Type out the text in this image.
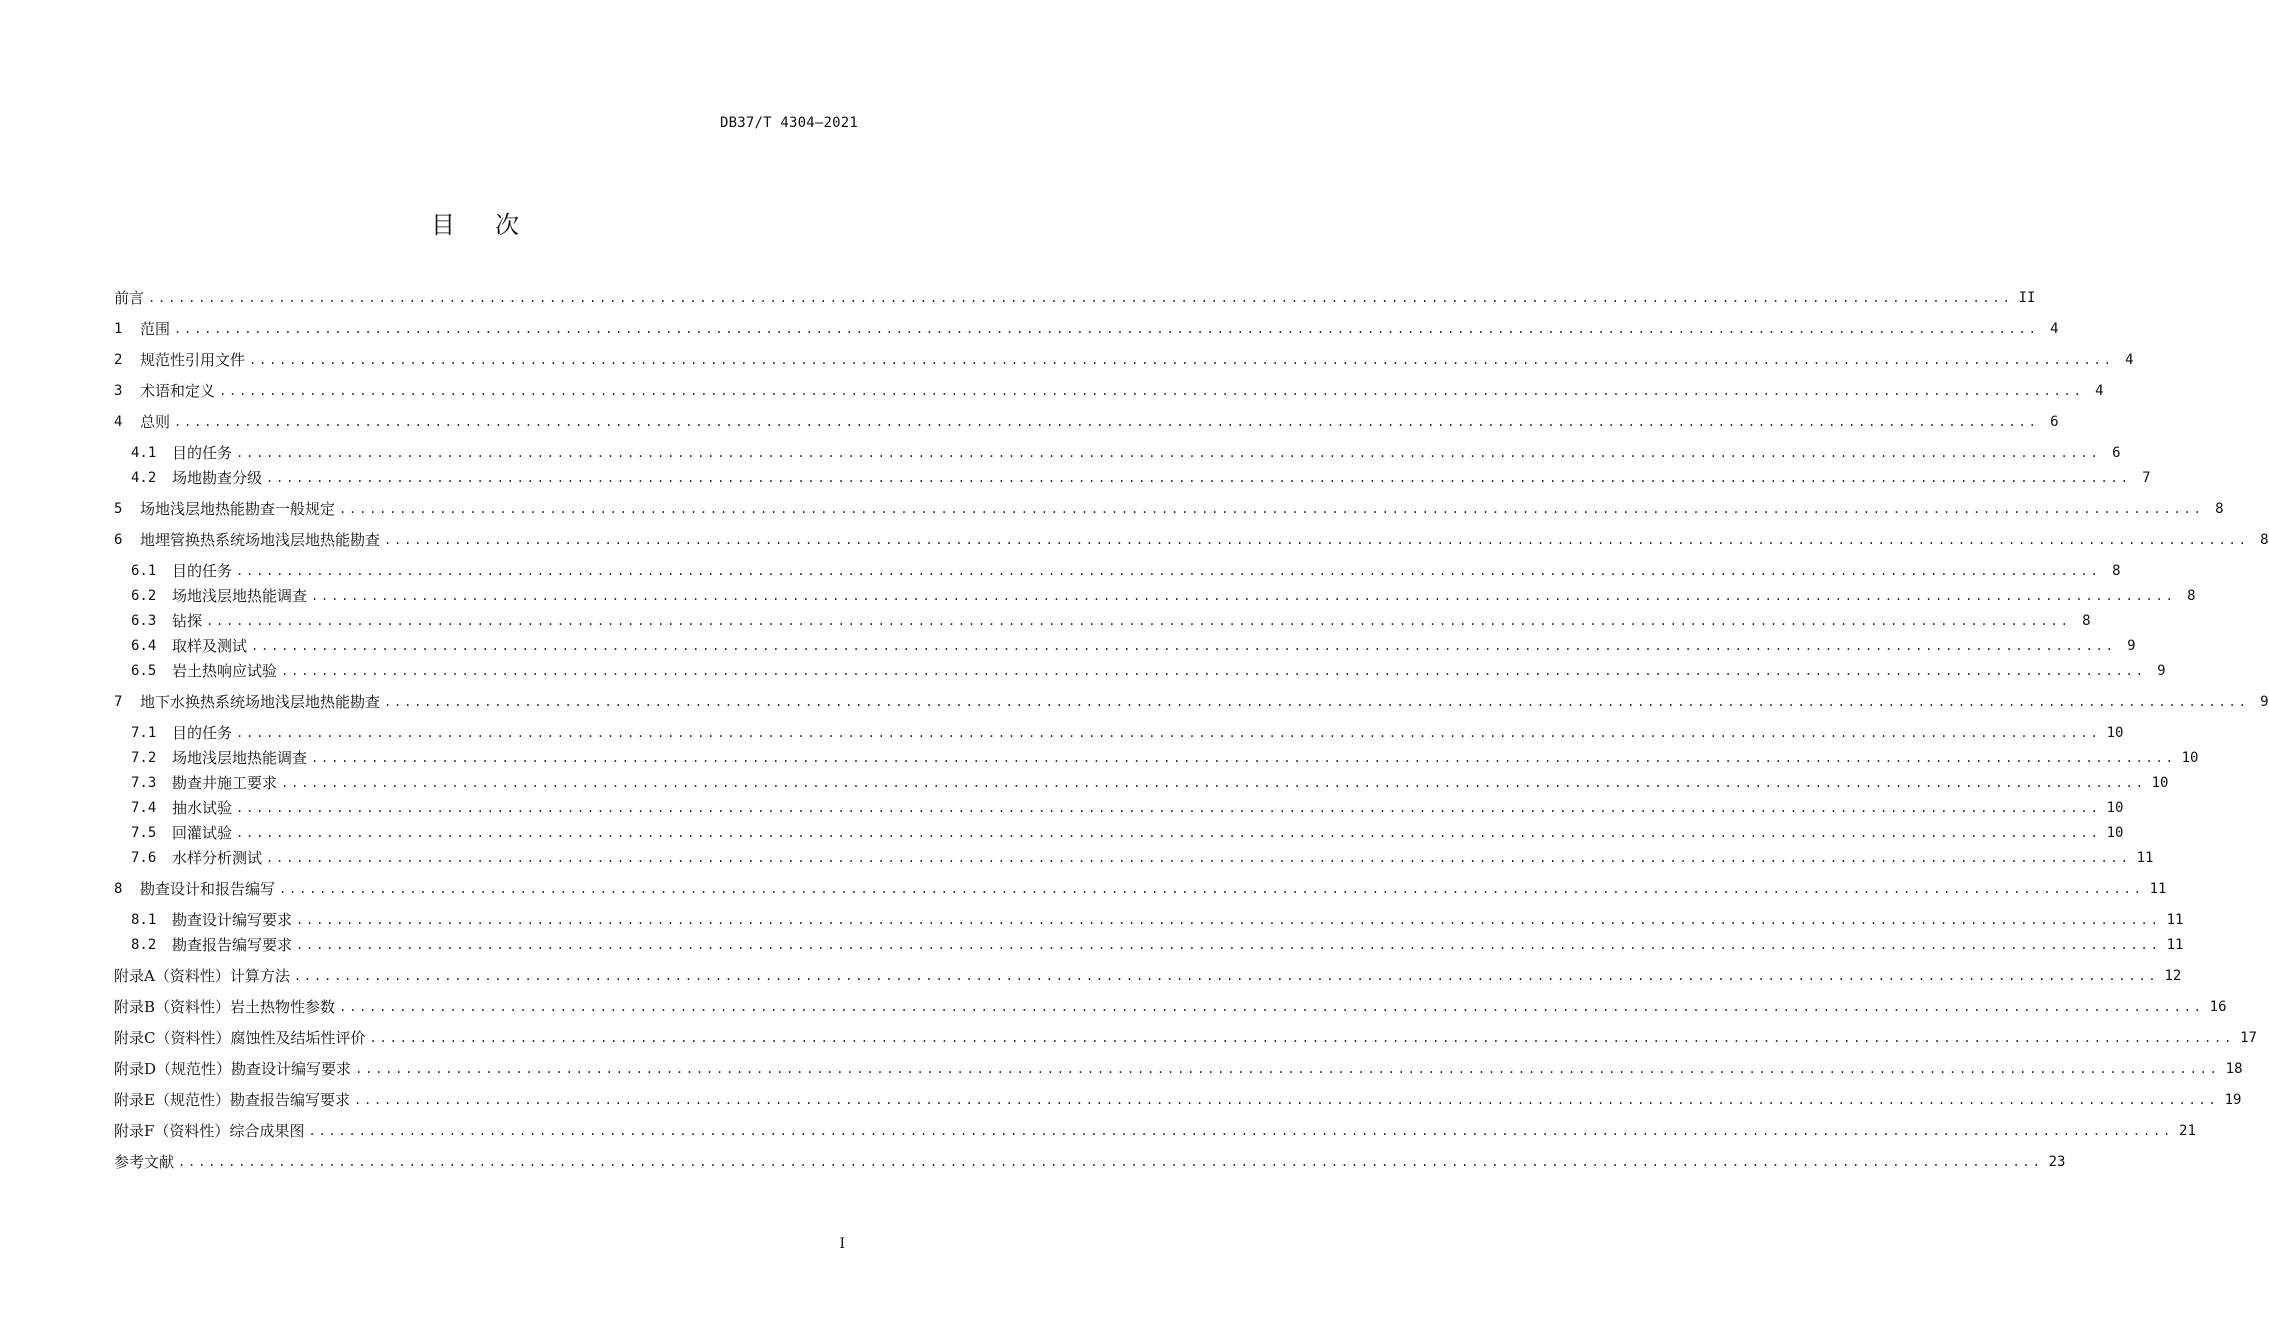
DB37/T 4304—2021
目次
前言 .......................................................................................................................................................................................... II
1	范围 .......................................................................................................................................................................................... 4
2	规范性引用文件 .......................................................................................................................................................................................... 4
3	术语和定义 .......................................................................................................................................................................................... 4
4	总则 .......................................................................................................................................................................................... 6
4.1	目的任务 .......................................................................................................................................................................................... 6
4.2	场地勘查分级 .......................................................................................................................................................................................... 7
5	场地浅层地热能勘查一般规定 .......................................................................................................................................................................................... 8
6	地埋管换热系统场地浅层地热能勘查 .......................................................................................................................................................................................... 8
6.1	目的任务 .......................................................................................................................................................................................... 8
6.2	场地浅层地热能调查 .......................................................................................................................................................................................... 8
6.3	钻探 .......................................................................................................................................................................................... 8
6.4	取样及测试 .......................................................................................................................................................................................... 9
6.5	岩土热响应试验 .......................................................................................................................................................................................... 9
7	地下水换热系统场地浅层地热能勘查 .......................................................................................................................................................................................... 9
7.1	目的任务 .......................................................................................................................................................................................... 10
7.2	场地浅层地热能调查 .......................................................................................................................................................................................... 10
7.3	勘查井施工要求 .......................................................................................................................................................................................... 10
7.4	抽水试验 .......................................................................................................................................................................................... 10
7.5	回灌试验 .......................................................................................................................................................................................... 10
7.6	水样分析测试 .......................................................................................................................................................................................... 11
8	勘查设计和报告编写 .......................................................................................................................................................................................... 11
8.1	勘查设计编写要求 .......................................................................................................................................................................................... 11
8.2	勘查报告编写要求 .......................................................................................................................................................................................... 11
附录A （资料性） 计算方法 .......................................................................................................................................................................................... 12
附录B （资料性） 岩土热物性参数 .......................................................................................................................................................................................... 16
附录C （资料性） 腐蚀性及结垢性评价 .......................................................................................................................................................................................... 17
附录D （规范性） 勘查设计编写要求 .......................................................................................................................................................................................... 18
附录E （规范性） 勘查报告编写要求 .......................................................................................................................................................................................... 19
附录F （资料性） 综合成果图 .......................................................................................................................................................................................... 21
参考文献 .......................................................................................................................................................................................... 23
I
